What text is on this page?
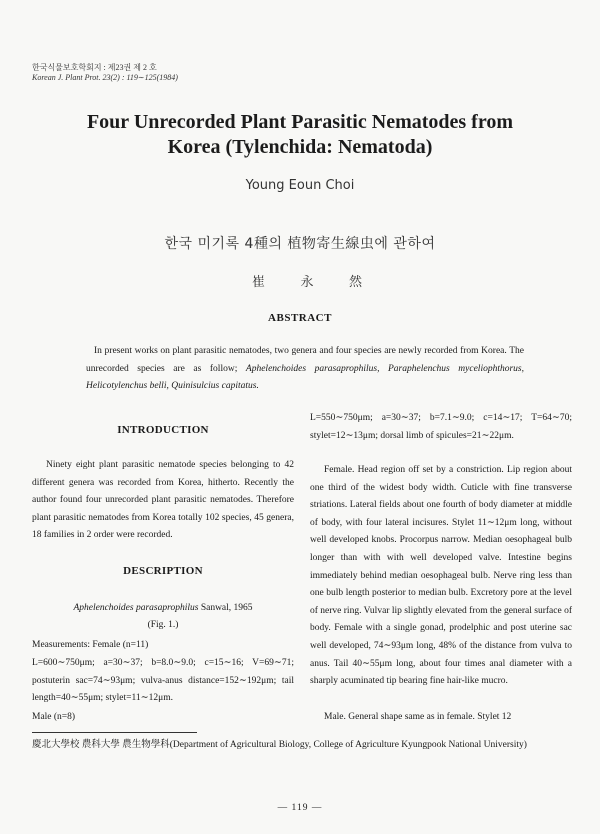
한국식물보호학회지 : 제23권 제 2 호
Korean J. Plant Prot. 23(2) : 119∼125(1984)
Four Unrecorded Plant Parasitic Nematodes from
Korea (Tylenchida: Nematoda)
Young Eoun Choi
한국 미기록 4種의 植物寄生線虫에 관하여
崔	永	然
ABSTRACT
In present works on plant parasitic nematodes, two genera and four species are newly recorded from Korea. The unrecorded species are as follow; Aphelenchoides parasaprophilus, Paraphelenchus myceliophthorus, Helicotylenchus belli, Quinisulcius capitatus.
INTRODUCTION
Ninety eight plant parasitic nematode species belonging to 42 different genera was recorded from Korea, hitherto. Recently the author found four unrecorded plant parasitic nematodes. Therefore plant parasitic nematodes from Korea totally 102 species, 45 genera, 18 families in 2 order were recorded.
DESCRIPTION
Aphelenchoides parasaprophilus Sanwal, 1965
(Fig. 1.)
Measurements: Female (n=11)
L=600∼750μm; a=30∼37; b=8.0∼9.0; c=15∼16; V=69∼71; postuterin sac=74∼93μm; vulva-anus distance=152∼192μm; tail length=40∼55μm; stylet=11∼12μm.
Male (n=8)
L=550∼750μm; a=30∼37; b=7.1∼9.0; c=14∼17; T=64∼70; stylet=12∼13μm; dorsal limb of spicules=21∼22μm.
Female. Head region off set by a constriction. Lip region about one third of the widest body width. Cuticle with fine transverse striations. Lateral fields about one fourth of body diameter at middle of body, with four lateral incisures. Stylet 11∼12μm long, without well developed knobs. Procorpus narrow. Median oesophageal bulb longer than with with well developed valve. Intestine begins immediately behind median oesophageal bulb. Nerve ring less than one bulb length posterior to median bulb. Excretory pore at the level of nerve ring. Vulvar lip slightly elevated from the general surface of body. Female with a single gonad, prodelphic and post uterine sac well developed, 74∼93μm long, 48% of the distance from vulva to anus. Tail 40∼55μm long, about four times anal diameter with a sharply acuminated tip bearing fine hair-like mucro.
Male. General shape same as in female. Stylet 12
慶北大學校 農科大學 農生物學科(Department of Agricultural Biology, College of Agriculture Kyungpook National University)
— 119 —
